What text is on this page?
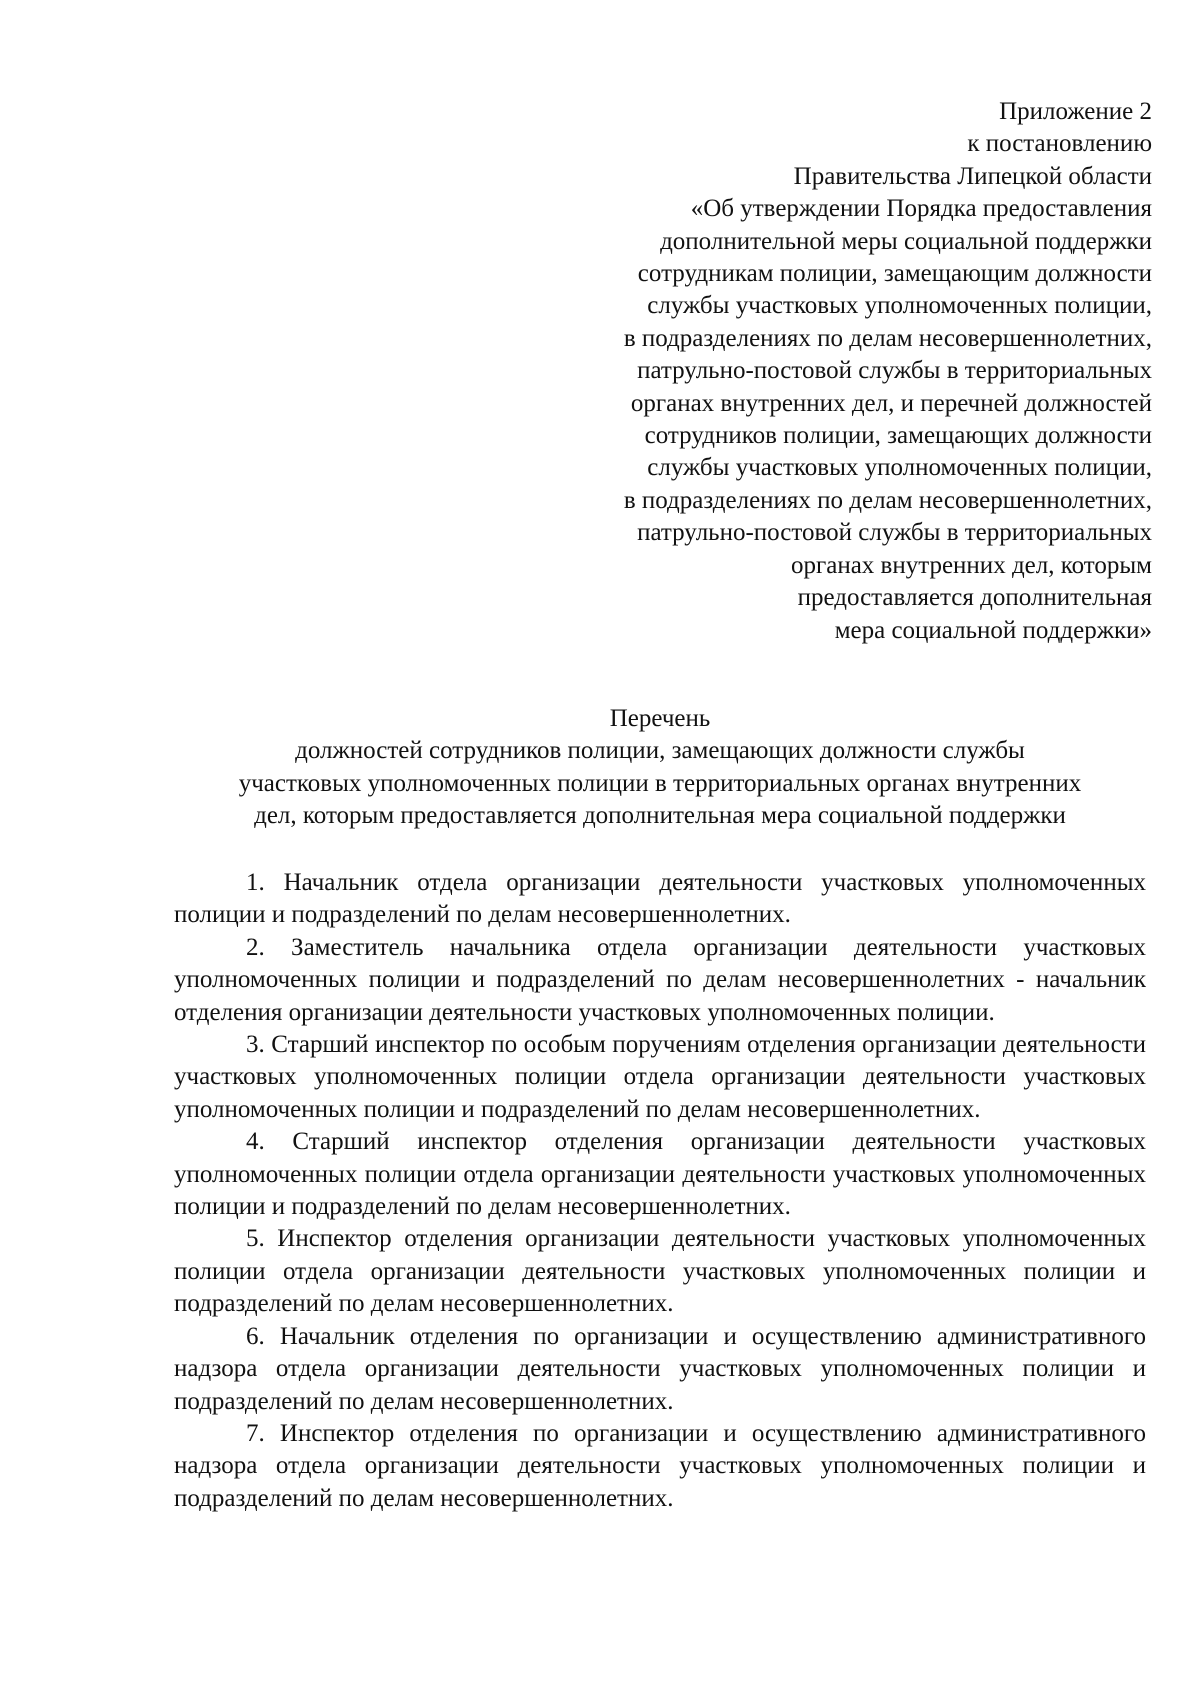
Приложение 2
к постановлению
Правительства Липецкой области
«Об утверждении Порядка предоставления
дополнительной меры социальной поддержки
сотрудникам полиции, замещающим должности
службы участковых уполномоченных полиции,
в подразделениях по делам несовершеннолетних,
патрульно-постовой службы в территориальных
органах внутренних дел, и перечней должностей
сотрудников полиции, замещающих должности
службы участковых уполномоченных полиции,
в подразделениях по делам несовершеннолетних,
патрульно-постовой службы в территориальных
органах внутренних дел, которым
предоставляется дополнительная
мера социальной поддержки»
Перечень
должностей сотрудников полиции, замещающих должности службы
участковых уполномоченных полиции в территориальных органах внутренних
дел, которым предоставляется дополнительная мера социальной поддержки

1. Начальник отдела организации деятельности участковых уполномоченных полиции и подразделений по делам несовершеннолетних.

2. Заместитель начальника отдела организации деятельности участковых уполномоченных полиции и подразделений по делам несовершеннолетних - начальник отделения организации деятельности участковых уполномоченных полиции.

3. Старший инспектор по особым поручениям отделения организации деятельности участковых уполномоченных полиции отдела организации деятельности участковых уполномоченных полиции и подразделений по делам несовершеннолетних.

4. Старший инспектор отделения организации деятельности участковых уполномоченных полиции отдела организации деятельности участковых уполномоченных полиции и подразделений по делам несовершеннолетних.

5. Инспектор отделения организации деятельности участковых уполномоченных полиции отдела организации деятельности участковых уполномоченных полиции и подразделений по делам несовершеннолетних.

6. Начальник отделения по организации и осуществлению административного надзора отдела организации деятельности участковых уполномоченных полиции и подразделений по делам несовершеннолетних.

7. Инспектор отделения по организации и осуществлению административного надзора отдела организации деятельности участковых уполномоченных полиции и подразделений по делам несовершеннолетних.
